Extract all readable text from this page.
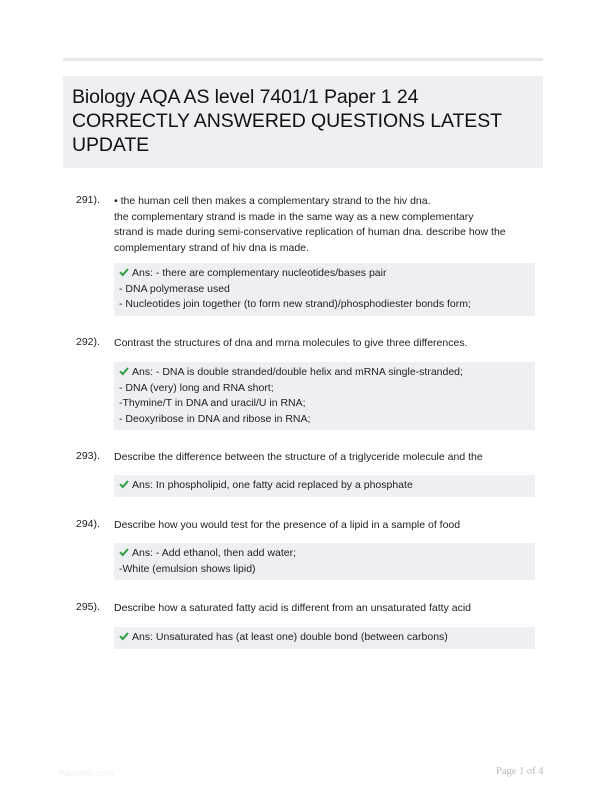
Biology AQA AS level 7401/1 Paper 1 24
CORRECTLY ANSWERED QUESTIONS LATEST
UPDATE
291). • the human cell then makes a complementary strand to the hiv dna.
the complementary strand is made in the same way as a new complementary
strand is made during semi-conservative replication of human dna. describe how the
complementary strand of hiv dna is made.
Ans: - there are complementary nucleotides/bases pair
- DNA polymerase used
- Nucleotides join together (to form new strand)/phosphodiester bonds form;
292). Contrast the structures of dna and mrna molecules to give three differences.
Ans: - DNA is double stranded/double helix and mRNA single-stranded;
- DNA (very) long and RNA short;
-Thymine/T in DNA and uracil/U in RNA;
- Deoxyribose in DNA and ribose in RNA;
293). Describe the difference between the structure of a triglyceride molecule and the
Ans: In phospholipid, one fatty acid replaced by a phosphate
294). Describe how you would test for the presence of a lipid in a sample of food
Ans: - Add ethanol, then add water;
-White (emulsion shows lipid)
295). Describe how a saturated fatty acid is different from an unsaturated fatty acid
Ans: Unsaturated has (at least one) double bond (between carbons)
Paperbtn.com	Page 1 of 4
